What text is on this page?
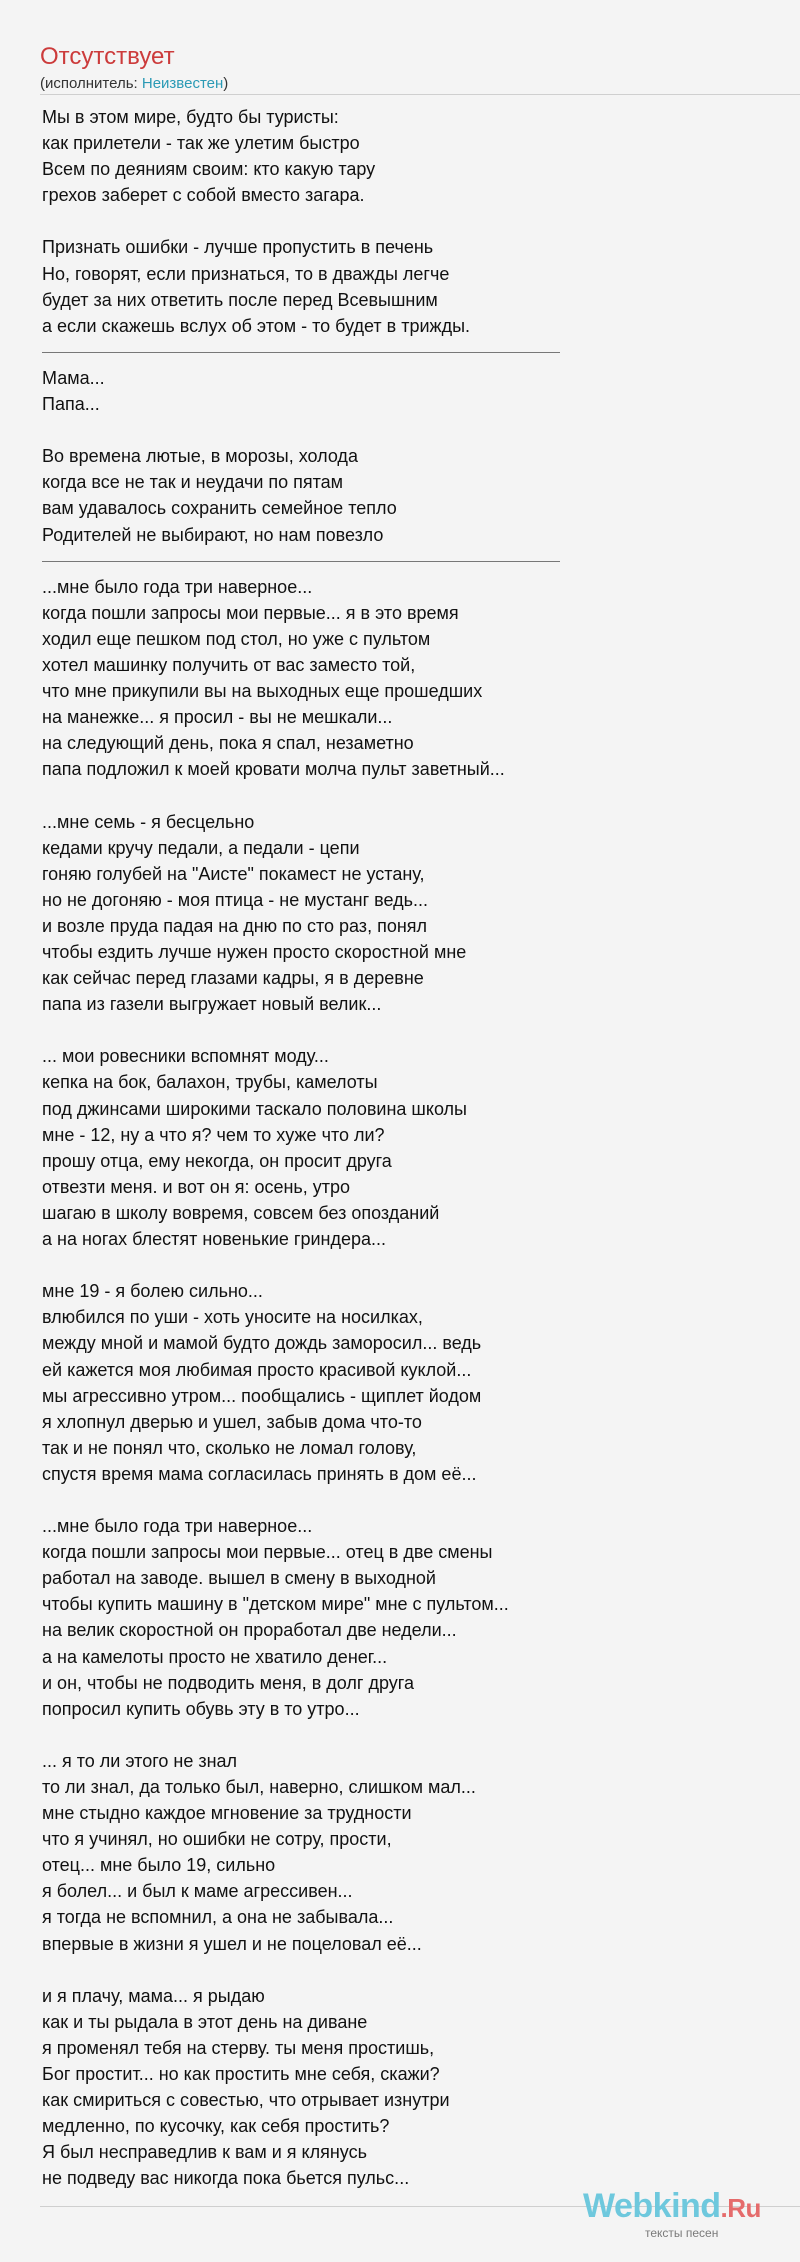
Отсутствует
(исполнитель: Неизвестен)
Мы в этом мире, будто бы туристы:
как прилетели - так же улетим быстро
Всем по деяниям своим: кто какую тару
грехов заберет с собой вместо загара.
Признать ошибки - лучше пропустить в печень
Но, говорят, если признаться, то в дважды легче
будет за них ответить после перед Всевышним
а если скажешь вслух об этом - то будет в трижды.
Мама...
Папа...
Во времена лютые, в морозы, холода
когда все не так и неудачи по пятам
вам удавалось сохранить семейное тепло
Родителей не выбирают, но нам повезло
...мне было года три наверное...
когда пошли запросы мои первые... я в это время
ходил еще пешком под стол, но уже с пультом
хотел машинку получить от вас заместо той,
что мне прикупили вы на выходных еще прошедших
на манежке... я просил - вы не мешкали...
на следующий день, пока я спал, незаметно
папа подложил к моей кровати молча пульт заветный...
...мне семь - я бесцельно
кедами кручу педали, а педали - цепи
гоняю голубей на "Аисте" покамест не устану,
но не догоняю - моя птица - не мустанг ведь...
и возле пруда падая на дню по сто раз, понял
чтобы ездить лучше нужен просто скоростной мне
как сейчас перед глазами кадры, я в деревне
папа из газели выгружает новый велик...
... мои ровесники вспомнят моду...
кепка на бок, балахон, трубы, камелоты
под джинсами широкими таскало половина школы
мне - 12, ну а что я? чем то хуже что ли?
прошу отца, ему некогда, он просит друга
отвезти меня. и вот он я: осень, утро
шагаю в школу вовремя, совсем без опозданий
а на ногах блестят новенькие гриндера...
мне 19 - я болею сильно...
влюбился по уши - хоть уносите на носилках,
между мной и мамой будто дождь заморосил... ведь
ей кажется моя любимая просто красивой куклой...
мы агрессивно утром... пообщались - щиплет йодом
я хлопнул дверью и ушел, забыв дома что-то
так и не понял что, сколько не ломал голову,
спустя время мама согласилась принять в дом её...
...мне было года три наверное...
когда пошли запросы мои первые... отец в две смены
работал на заводе. вышел в смену в выходной
чтобы купить машину в "детском мире" мне с пультом...
на велик скоростной он проработал две недели...
а на камелоты просто не хватило денег...
и он, чтобы не подводить меня, в долг друга
попросил купить обувь эту в то утро...
... я то ли этого не знал
то ли знал, да только был, наверно, слишком мал...
мне стыдно каждое мгновение за трудности
что я учинял, но ошибки не сотру, прости,
отец... мне было 19, сильно
я болел... и был к маме агрессивен...
я тогда не вспомнил, а она не забывала...
впервые в жизни я ушел и не поцеловал её...
и я плачу, мама... я рыдаю
как и ты рыдала в этот день на диване
я променял тебя на стерву. ты меня простишь,
Бог простит... но как простить мне себя, скажи?
как смириться с совестью, что отрывает изнутри
медленно, по кусочку, как себя простить?
Я был несправедлив к вам и я клянусь
не подведу вас никогда пока бьется пульс...
Webkind.Ru
тексты песен
